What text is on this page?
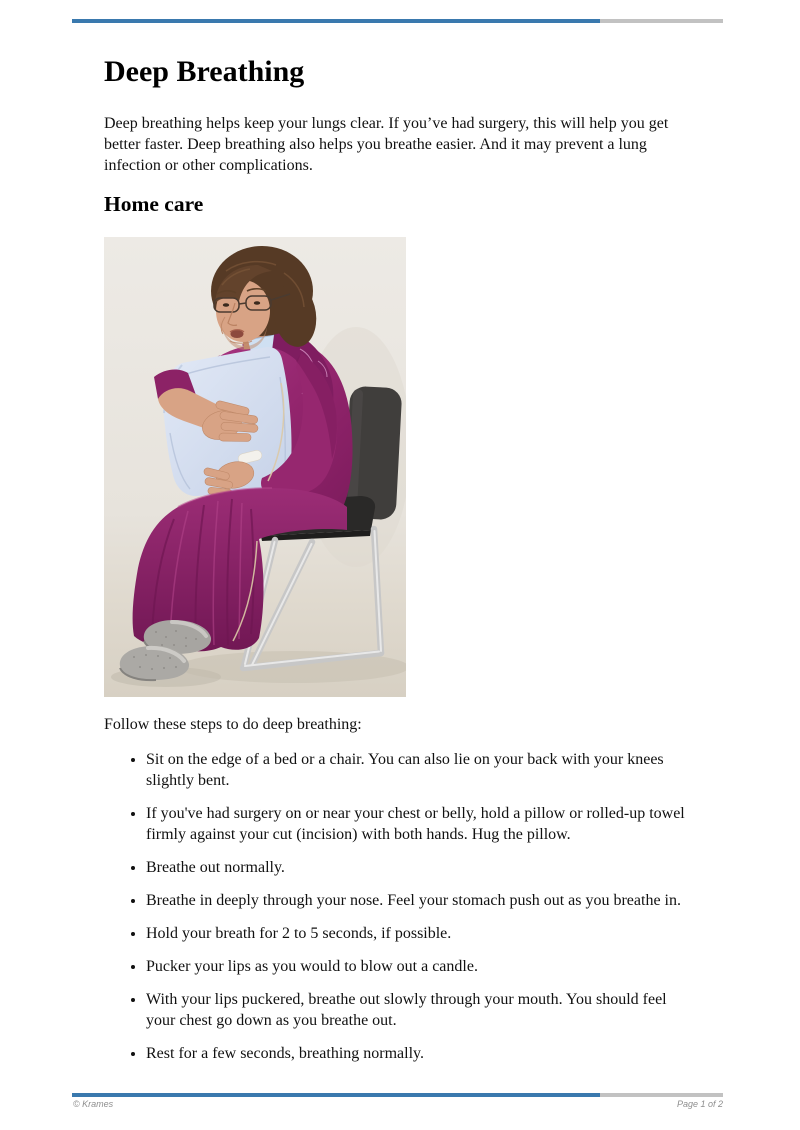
Deep Breathing
Deep breathing helps keep your lungs clear. If you’ve had surgery, this will help you get
better faster. Deep breathing also helps you breathe easier. And it may prevent a lung
infection or other complications.
Home care
Follow these steps to do deep breathing:
• Sit on the edge of a bed or a chair. You can also lie on your back with your knees
slightly bent.
• If you've had surgery on or near your chest or belly, hold a pillow or rolled-up towel
firmly against your cut (incision) with both hands. Hug the pillow.
• Breathe out normally.
• Breathe in deeply through your nose. Feel your stomach push out as you breathe in.
• Hold your breath for 2 to 5 seconds, if possible.
• Pucker your lips as you would to blow out a candle.
• With your lips puckered, breathe out slowly through your mouth. You should feel
your chest go down as you breathe out.
• Rest for a few seconds, breathing normally.
© Krames	Page 1 of 2
